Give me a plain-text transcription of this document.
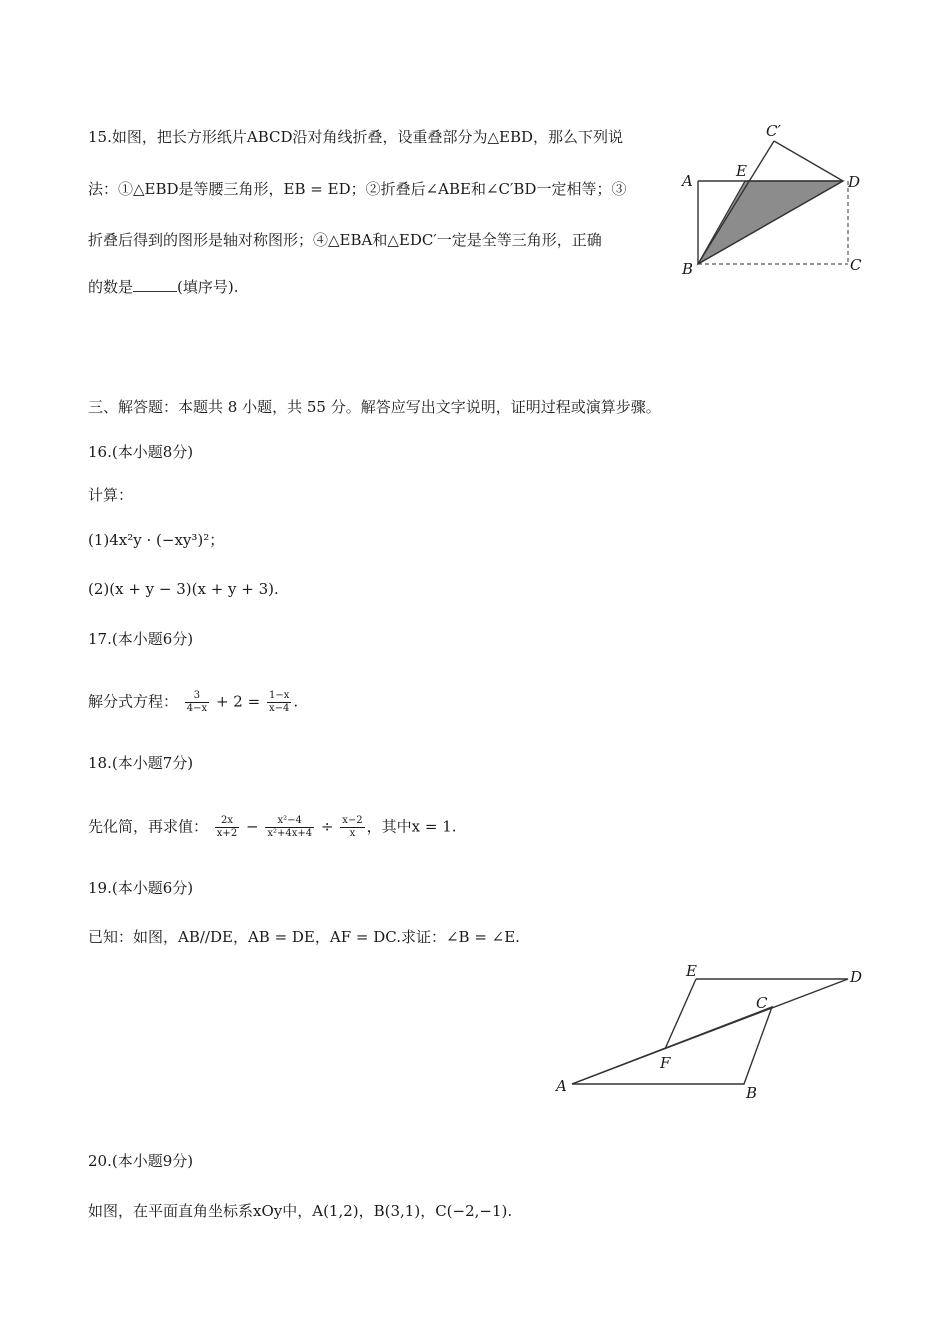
15.如图，把长方形纸片ABCD沿对角线折叠，设重叠部分为△EBD，那么下列说
法：①△EBD是等腰三角形，EB = ED；②折叠后∠ABE和∠C′BD一定相等；③
折叠后得到的图形是轴对称图形；④△EBA和△EDC′一定是全等三角形，正确
的数是	(填序号).
C′
A
E
D
B	C
三、解答题：本题共 8 小题，共 55 分。解答应写出文字说明，证明过程或演算步骤。
16.(本小题8分)
计算：
(1)4x²y · (−xy³)²；
(2)(x + y − 3)(x + y + 3).
17.(本小题6分)
解分式方程： $\frac{3}{4-x} + 2 = \frac{1-x}{x-4}$ .
18.(本小题7分)
先化简，再求值： $\frac{2x}{x+2} - \frac{\text{x²−4}}{\text{x²+4x+4}} \div \frac{x-2}{x}$ ，其中x = 1.
19.(本小题6分)
已知：如图，AB//DE，AB = DE，AF = DC.求证：∠B = ∠E.
E	D
C
F
A	B
20.(本小题9分)
如图，在平面直角坐标系xOy中，A(1,2)，B(3,1)，C(−2,−1).
